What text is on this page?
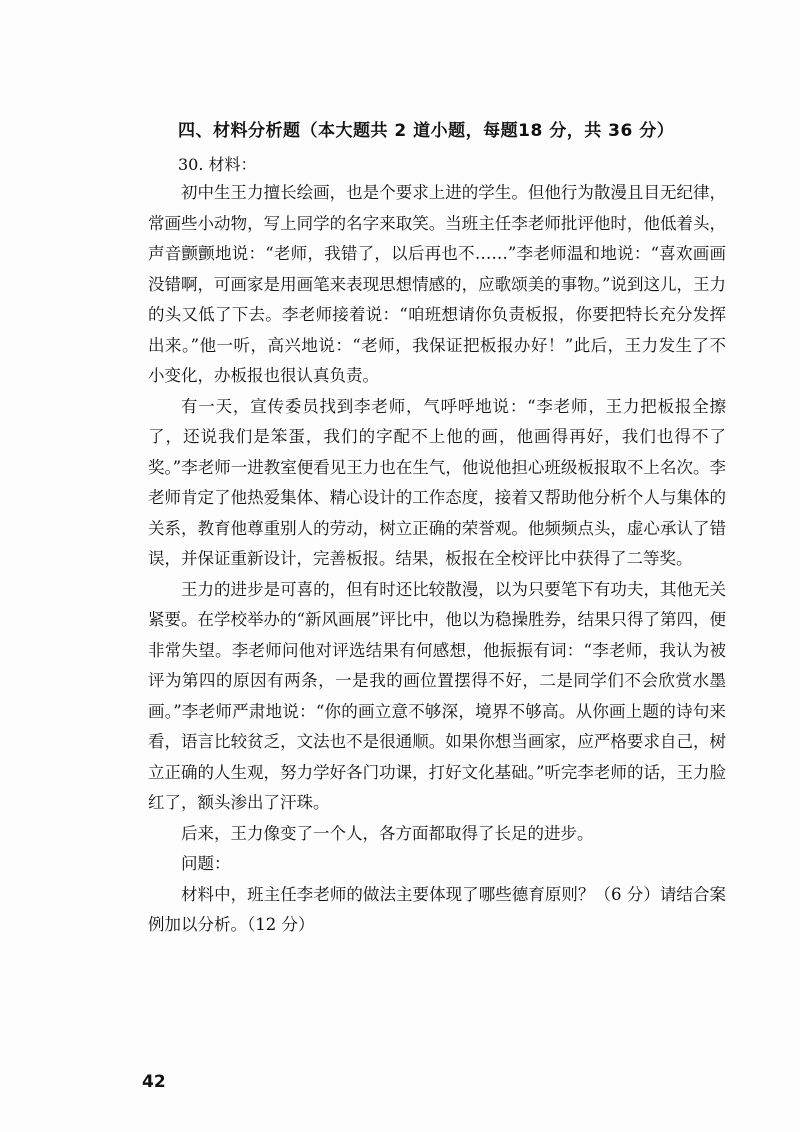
四、材料分析题（本大题共 2 道小题，每题18 分，共 36 分）
30. 材料：

初中生王力擅长绘画，也是个要求上进的学生。但他行为散漫且目无纪律，常画些小动物，写上同学的名字来取笑。当班主任李老师批评他时，他低着头，声音颤颤地说：“老师，我错了，以后再也不……”李老师温和地说：“喜欢画画没错啊，可画家是用画笔来表现思想情感的，应歌颂美的事物。”说到这儿，王力的头又低了下去。李老师接着说：“咱班想请你负责板报，你要把特长充分发挥出来。”他一听，高兴地说：“老师，我保证把板报办好！”此后，王力发生了不小变化，办板报也很认真负责。

有一天，宣传委员找到李老师，气呼呼地说：“李老师，王力把板报全擦了，还说我们是笨蛋，我们的字配不上他的画，他画得再好，我们也得不了奖。”李老师一进教室便看见王力也在生气，他说他担心班级板报取不上名次。李老师肯定了他热爱集体、精心设计的工作态度，接着又帮助他分析个人与集体的关系，教育他尊重别人的劳动，树立正确的荣誉观。他频频点头，虚心承认了错误，并保证重新设计，完善板报。结果，板报在全校评比中获得了二等奖。

王力的进步是可喜的，但有时还比较散漫，以为只要笔下有功夫，其他无关紧要。在学校举办的“新风画展”评比中，他以为稳操胜券，结果只得了第四，便非常失望。李老师问他对评选结果有何感想，他振振有词：“李老师，我认为被评为第四的原因有两条，一是我的画位置摆得不好，二是同学们不会欣赏水墨画。”李老师严肃地说：“你的画立意不够深，境界不够高。从你画上题的诗句来看，语言比较贫乏，文法也不是很通顺。如果你想当画家，应严格要求自己，树立正确的人生观，努力学好各门功课，打好文化基础。”听完李老师的话，王力脸红了，额头渗出了汗珠。

后来，王力像变了一个人，各方面都取得了长足的进步。

问题：

材料中，班主任李老师的做法主要体现了哪些德育原则？（6 分）请结合案例加以分析。（12 分）

42
